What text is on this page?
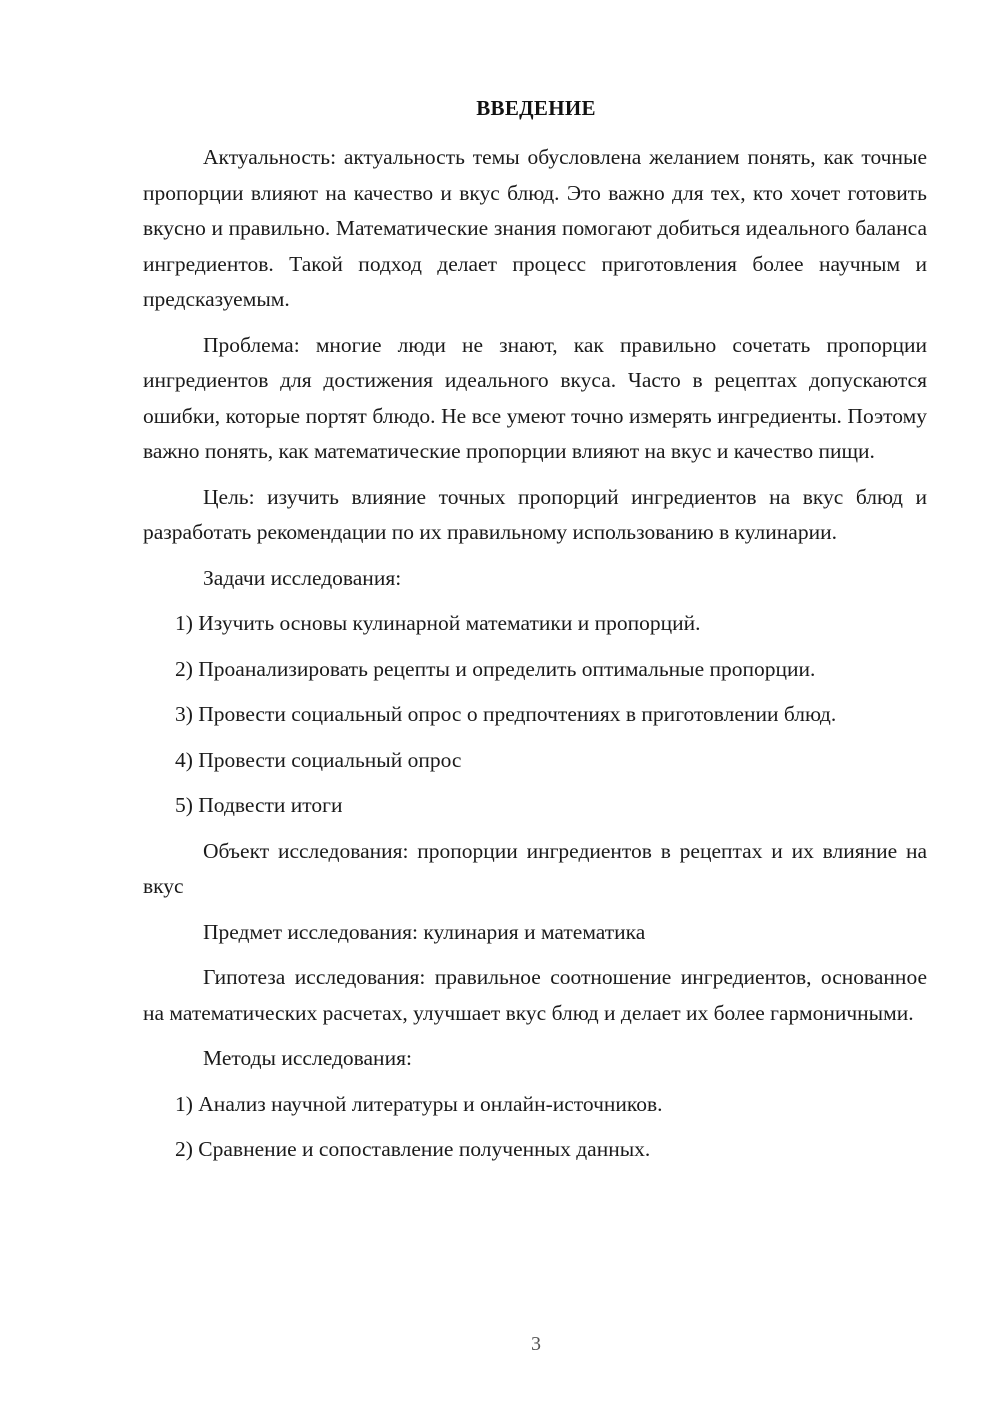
ВВЕДЕНИЕ

Актуальность: актуальность темы обусловлена желанием понять, как точные пропорции влияют на качество и вкус блюд. Это важно для тех, кто хочет готовить вкусно и правильно. Математические знания помогают добиться идеального баланса ингредиентов. Такой подход делает процесс приготовления более научным и предсказуемым.

Проблема: многие люди не знают, как правильно сочетать пропорции ингредиентов для достижения идеального вкуса. Часто в рецептах допускаются ошибки, которые портят блюдо. Не все умеют точно измерять ингредиенты. Поэтому важно понять, как математические пропорции влияют на вкус и качество пищи.

Цель: изучить влияние точных пропорций ингредиентов на вкус блюд и разработать рекомендации по их правильному использованию в кулинарии.

Задачи исследования:

1) Изучить основы кулинарной математики и пропорций.

2) Проанализировать рецепты и определить оптимальные пропорции.

3) Провести социальный опрос о предпочтениях в приготовлении блюд.

4) Провести социальный опрос

5) Подвести итоги

Объект исследования: пропорции ингредиентов в рецептах и их влияние на вкус

Предмет исследования: кулинария и математика

Гипотеза исследования: правильное соотношение ингредиентов, основанное на математических расчетах, улучшает вкус блюд и делает их более гармоничными.

Методы исследования:

1) Анализ научной литературы и онлайн-источников.

2) Сравнение и сопоставление полученных данных.

3
